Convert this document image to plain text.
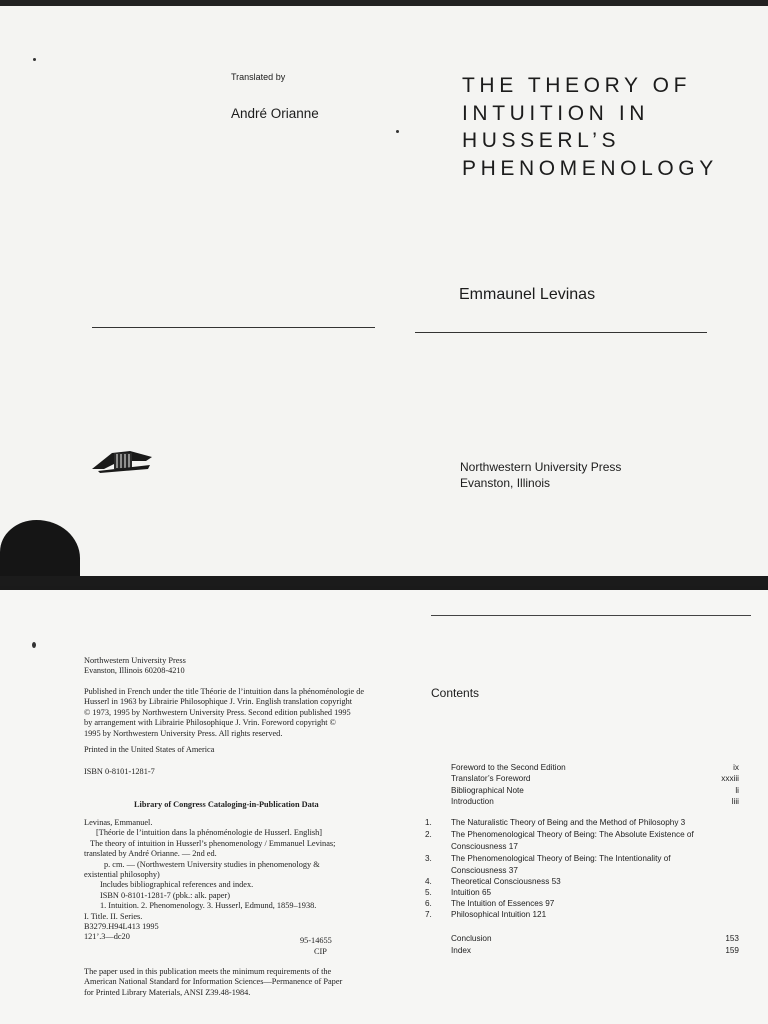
Translated by
André Orianne
THE THEORY OF
INTUITION IN
HUSSERL’S
PHENOMENOLOGY
Emmaunel Levinas
Northwestern University Press
Evanston, Illinois
Northwestern University Press
Evanston, Illinois 60208-4210
Published in French under the title Théorie de l’intuition dans la phénoménologie de
Husserl in 1963 by Librairie Philosophique J. Vrin. English translation copyright
© 1973, 1995 by Northwestern University Press. Second edition published 1995
by arrangement with Librairie Philosophique J. Vrin. Foreword copyright ©
1995 by Northwestern University Press. All rights reserved.
Printed in the United States of America
ISBN 0-8101-1281-7
Library of Congress Cataloging-in-Publication Data
Levinas, Emmanuel.
[Théorie de l’intuition dans la phénoménologie de Husserl. English]
The theory of intuition in Husserl’s phenomenology / Emmanuel Levinas;
translated by André Orianne. — 2nd ed.
p. cm. — (Northwestern University studies in phenomenology &
existential philosophy)
Includes bibliographical references and index.
ISBN 0-8101-1281-7 (pbk.: alk. paper)
1. Intuition. 2. Phenomenology. 3. Husserl, Edmund, 1859–1938.
I. Title. II. Series.
B3279.H94L413 1995
121’.3—dc20	95-14655
CIP
The paper used in this publication meets the minimum requirements of the
American National Standard for Information Sciences—Permanence of Paper
for Printed Library Materials, ANSI Z39.48-1984.
Contents
Foreword to the Second Edition	ix
Translator’s Foreword	xxxiii
Bibliographical Note	li
Introduction	liii
1. The Naturalistic Theory of Being and the Method of Philosophy 3
2. The Phenomenological Theory of Being: The Absolute Existence of
Consciousness 17
3. The Phenomenological Theory of Being: The Intentionality of
Consciousness 37
4. Theoretical Consciousness 53
5. Intuition 65
6. The Intuition of Essences 97
7. Philosophical Intuition 121
Conclusion	153
Index	159
